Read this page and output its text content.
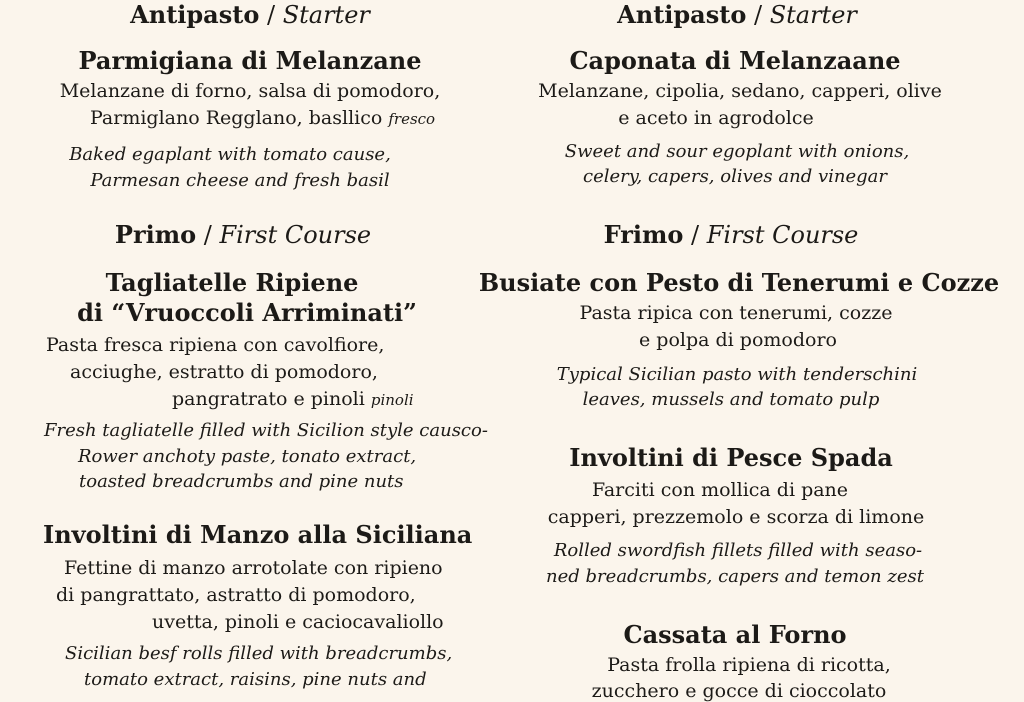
Antipasto / Starter
Parmigiana di Melanzane
Melanzane di forno, salsa di pomodoro,
Parmiglano Regglano, basllico fresco
Baked egaplant with tomato cause,
Parmesan cheese and fresh basil
Primo / First Course
Tagliatelle Ripiene
di “Vruoccoli Arriminati”
Pasta fresca ripiena con cavolfiore,
acciughe, estratto di pomodoro,
pangratrato e pinoli pinoli
Fresh tagliatelle filled with Sicilion style causco-
Rower anchoty paste, tonato extract,
toasted breadcrumbs and pine nuts
Involtini di Manzo alla Siciliana
Fettine di manzo arrotolate con ripieno
di pangrattato, astratto di pomodoro,
uvetta, pinoli e caciocavaliollo
Sicilian besf rolls filled with breadcrumbs,
tomato extract, raisins, pine nuts and
Antipasto / Starter
Caponata di Melanzaane
Melanzane, cipolia, sedano, capperi, olive
e aceto in agrodolce
Sweet and sour egoplant with onions,
celery, capers, olives and vinegar
Frimo / First Course
Busiate con Pesto di Tenerumi e Cozze
Pasta ripica con tenerumi, cozze
e polpa di pomodoro
Typical Sicilian pasto with tenderschini
leaves, mussels and tomato pulp
Involtini di Pesce Spada
Farciti con mollica di pane
capperi, prezzemolo e scorza di limone
Rolled swordfish fillets filled with seaso-
ned breadcrumbs, capers and temon zest
Cassata al Forno
Pasta frolla ripiena di ricotta,
zucchero e gocce di cioccolato
